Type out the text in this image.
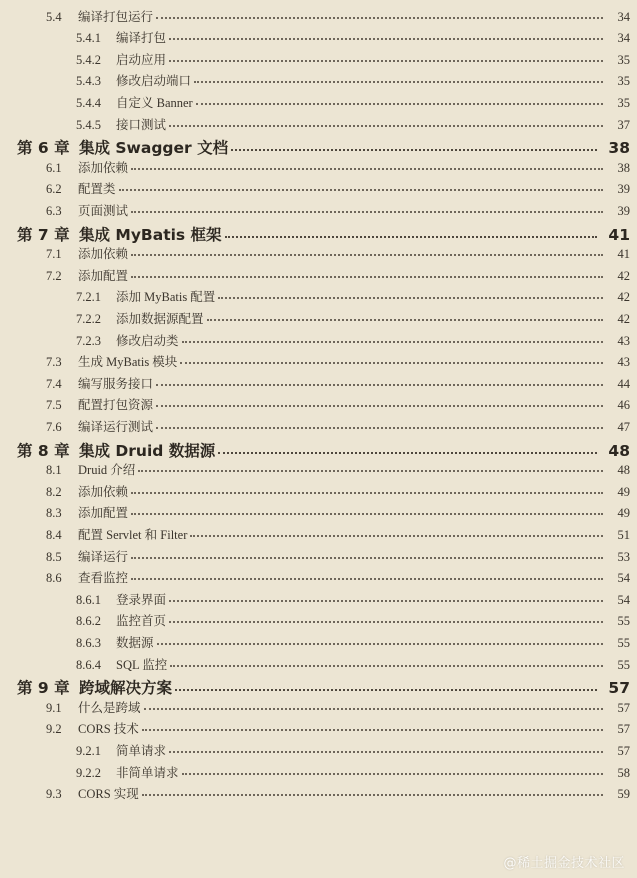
5.4	编译打包运行	34
5.4.1	编译打包	34
5.4.2	启动应用	35
5.4.3	修改启动端口	35
5.4.4	自定义 Banner	35
5.4.5	接口测试	37
第 6 章 集成 Swagger 文档	38
6.1	添加依赖	38
6.2	配置类	39
6.3	页面测试	39
第 7 章 集成 MyBatis 框架	41
7.1	添加依赖	41
7.2	添加配置	42
7.2.1	添加 MyBatis 配置	42
7.2.2	添加数据源配置	42
7.2.3	修改启动类	43
7.3	生成 MyBatis 模块	43
7.4	编写服务接口	44
7.5	配置打包资源	46
7.6	编译运行测试	47
第 8 章 集成 Druid 数据源	48
8.1	Druid 介绍	48
8.2	添加依赖	49
8.3	添加配置	49
8.4	配置 Servlet 和 Filter	51
8.5	编译运行	53
8.6	查看监控	54
8.6.1	登录界面	54
8.6.2	监控首页	55
8.6.3	数据源	55
8.6.4	SQL 监控	55
第 9 章 跨域解决方案	57
9.1	什么是跨域	57
9.2	CORS 技术	57
9.2.1	简单请求	57
9.2.2	非简单请求	58
9.3	CORS 实现	59
@稀土掘金技术社区
